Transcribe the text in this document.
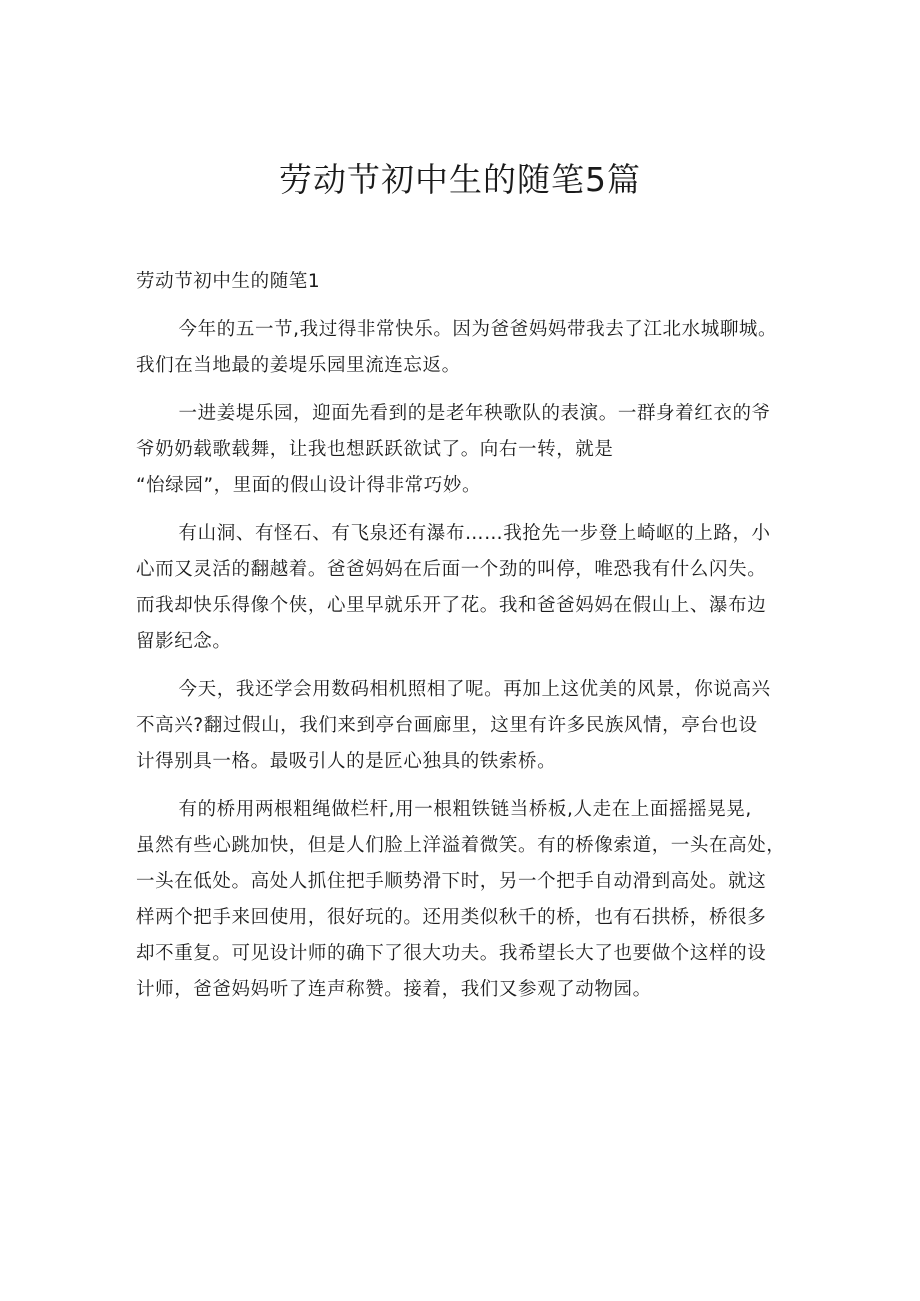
劳动节初中生的随笔5篇

劳动节初中生的随笔1

今年的五一节,我过得非常快乐。因为爸爸妈妈带我去了江北水城聊城。
我们在当地最的姜堤乐园里流连忘返。

一进姜堤乐园，迎面先看到的是老年秧歌队的表演。一群身着红衣的爷
爷奶奶载歌载舞，让我也想跃跃欲试了。向右一转，就是
“怡绿园”，里面的假山设计得非常巧妙。

有山洞、有怪石、有飞泉还有瀑布……我抢先一步登上崎岖的上路，小
心而又灵活的翻越着。爸爸妈妈在后面一个劲的叫停，唯恐我有什么闪失。
而我却快乐得像个侠，心里早就乐开了花。我和爸爸妈妈在假山上、瀑布边
留影纪念。

今天，我还学会用数码相机照相了呢。再加上这优美的风景，你说高兴
不高兴?翻过假山，我们来到亭台画廊里，这里有许多民族风情，亭台也设
计得别具一格。最吸引人的是匠心独具的铁索桥。

有的桥用两根粗绳做栏杆,用一根粗铁链当桥板,人走在上面摇摇晃晃,
虽然有些心跳加快，但是人们脸上洋溢着微笑。有的桥像索道，一头在高处，
一头在低处。高处人抓住把手顺势滑下时，另一个把手自动滑到高处。就这
样两个把手来回使用，很好玩的。还用类似秋千的桥，也有石拱桥，桥很多
却不重复。可见设计师的确下了很大功夫。我希望长大了也要做个这样的设
计师，爸爸妈妈听了连声称赞。接着，我们又参观了动物园。
